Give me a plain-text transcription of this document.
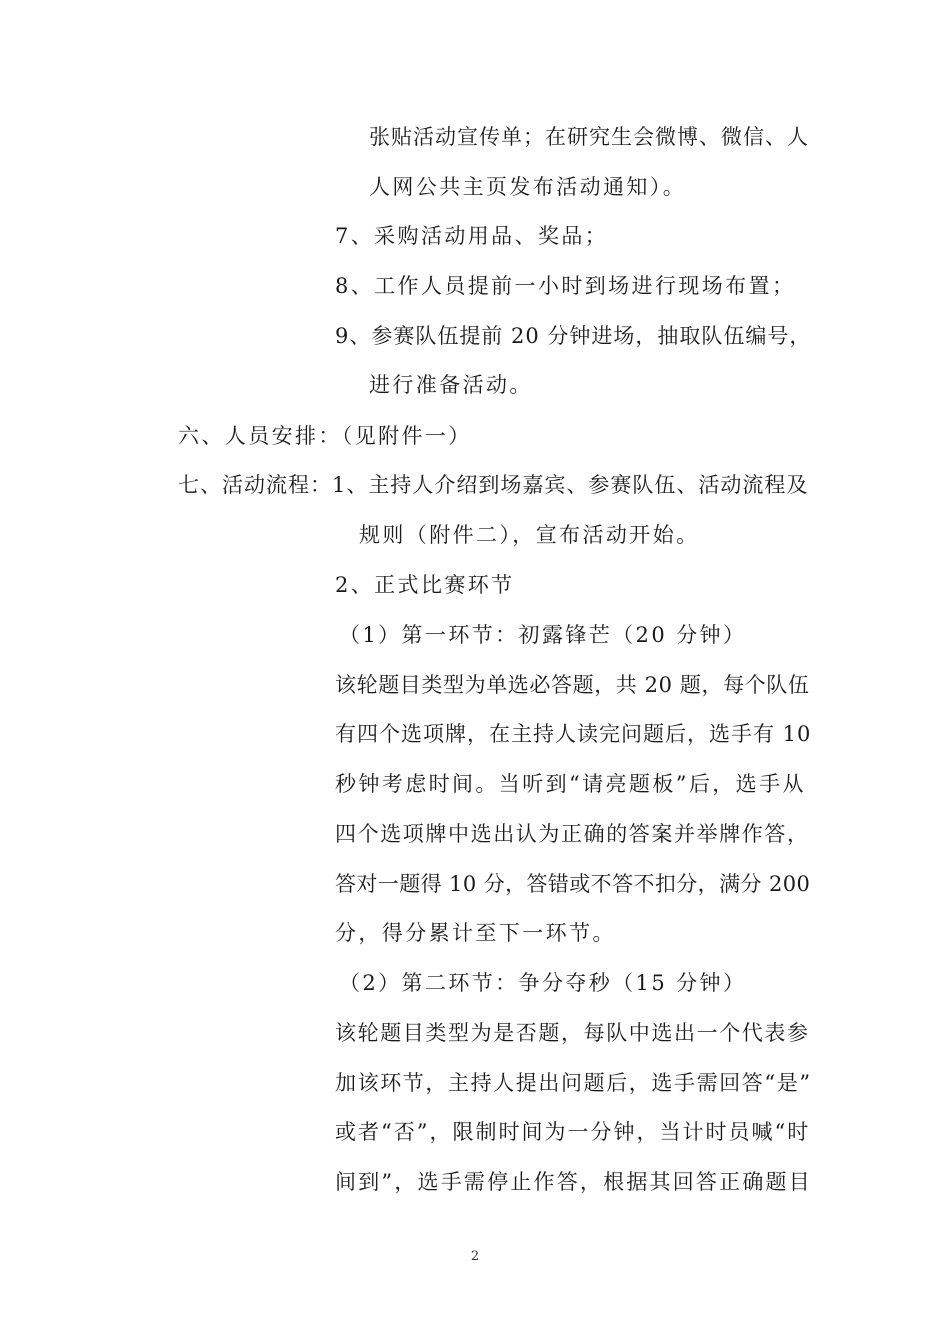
张贴活动宣传单；在研究生会微博、微信、人
人网公共主页发布活动通知）。
7、采购活动用品、奖品；
8、工作人员提前一小时到场进行现场布置；
9、参赛队伍提前 20 分钟进场，抽取队伍编号，
进行准备活动。
六、人员安排：（见附件一）
七、活动流程：1、主持人介绍到场嘉宾、参赛队伍、活动流程及
规则（附件二），宣布活动开始。
2、正式比赛环节
（1）第一环节：初露锋芒（20 分钟）
该轮题目类型为单选必答题，共 20 题，每个队伍
有四个选项牌，在主持人读完问题后，选手有 10
秒钟考虑时间。当听到“请亮题板”后，选手从
四个选项牌中选出认为正确的答案并举牌作答，
答对一题得 10 分，答错或不答不扣分，满分 200
分，得分累计至下一环节。
（2）第二环节：争分夺秒（15 分钟）
该轮题目类型为是否题，每队中选出一个代表参
加该环节，主持人提出问题后，选手需回答“是”
或者“否”，限制时间为一分钟，当计时员喊“时
间到”，选手需停止作答，根据其回答正确题目
2
